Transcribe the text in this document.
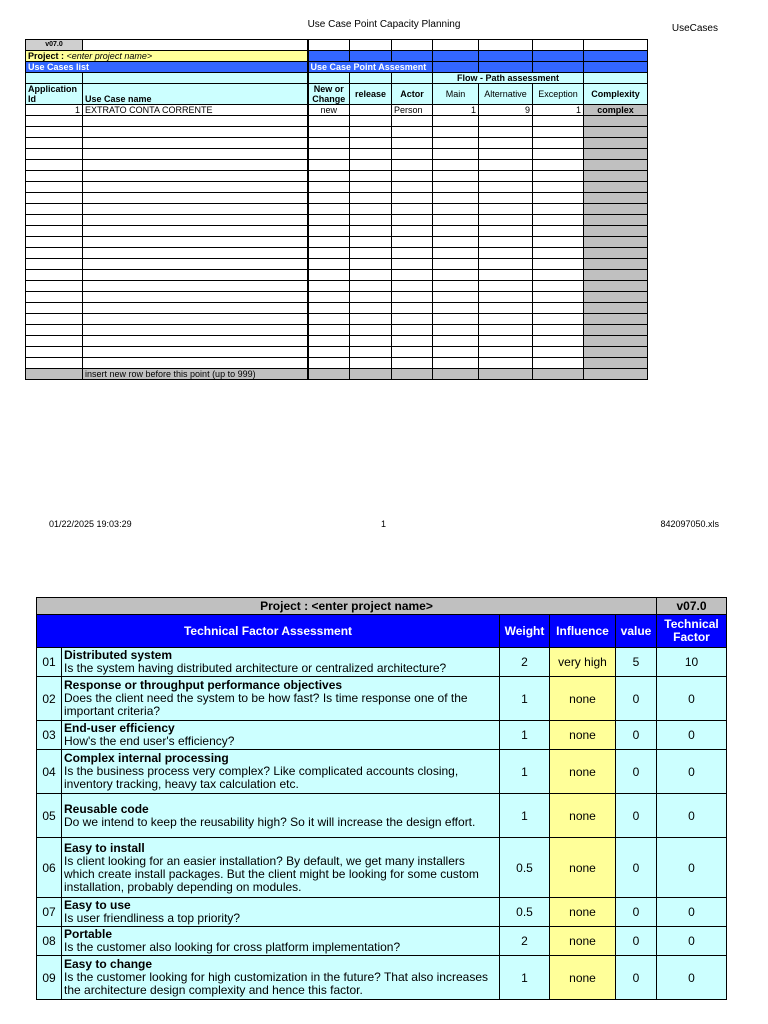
Use Case Point Capacity Planning	UseCases
v07.0								
Project : <enter project name>								
Use Cases list		Use Case Point Assesment						
					Flow - Path assessment			
Application Id	Use Case name	New or Change	release	Actor	Main	Alternative	Exception	Complexity
1	EXTRATO CONTA CORRENTE	new		Person	1	9	1	complex

	insert new row before this point (up to 999)							
01/22/2025 19:03:29	1	842097050.xls
Project : <enter project name>					v07.0
Technical Factor Assessment		Weight	Influence	value	Technical Factor
01	Distributed system
Is the system having distributed architecture or centralized architecture?	2	very high	5	10
02	Response or throughput performance objectives
Does the client need the system to be how fast? Is time response one of the important criteria?	1	none	0	0
03	End-user efficiency
How's the end user's efficiency?	1	none	0	0
04	Complex internal processing
Is the business process very complex? Like complicated accounts closing, inventory tracking, heavy tax calculation etc.	1	none	0	0
05	Reusable code
Do we intend to keep the reusability high? So it will increase the design effort.	1	none	0	0
06	Easy to install
Is client looking for an easier installation? By default, we get many installers which create install packages. But the client might be looking for some custom installation, probably depending on modules.	0.5	none	0	0
07	Easy to use
Is user friendliness a top priority?	0.5	none	0	0
08	Portable
Is the customer also looking for cross platform implementation?	2	none	0	0
09	Easy to change
Is the customer looking for high customization in the future? That also increases the architecture design complexity and hence this factor.	1	none	0	0
